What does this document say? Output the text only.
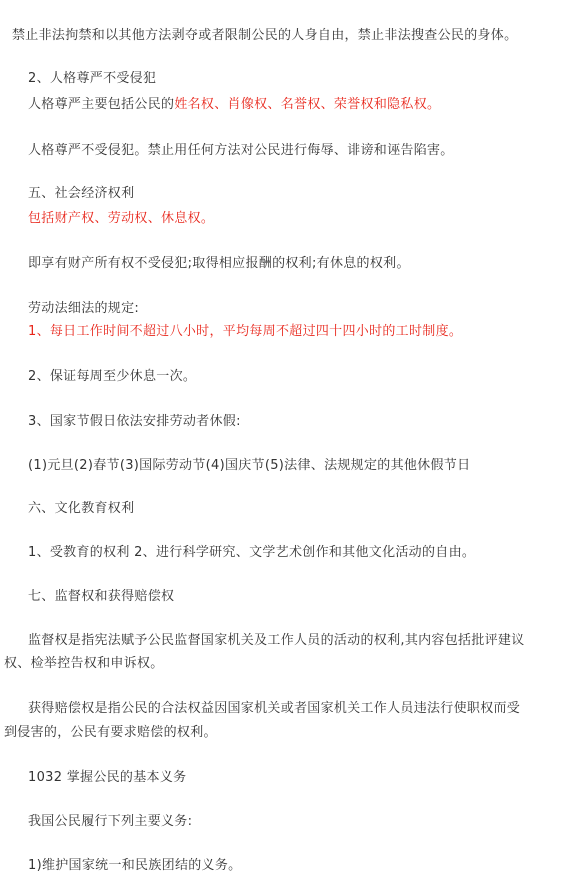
禁止非法拘禁和以其他方法剥夺或者限制公民的人身自由，禁止非法搜查公民的身体。
2、人格尊严不受侵犯
人格尊严主要包括公民的姓名权、肖像权、名誉权、荣誉权和隐私权。
人格尊严不受侵犯。禁止用任何方法对公民进行侮辱、诽谤和诬告陷害。
五、社会经济权利
包括财产权、劳动权、休息权。
即享有财产所有权不受侵犯;取得相应报酬的权利;有休息的权利。
劳动法细法的规定:
1、每日工作时间不超过八小时，平均每周不超过四十四小时的工时制度。
2、保证每周至少休息一次。
3、国家节假日依法安排劳动者休假:
(1)元旦(2)春节(3)国际劳动节(4)国庆节(5)法律、法规规定的其他休假节日
六、文化教育权利
1、受教育的权利 2、进行科学研究、文学艺术创作和其他文化活动的自由。
七、监督权和获得赔偿权
监督权是指宪法赋予公民监督国家机关及工作人员的活动的权利,其内容包括批评建议
权、检举控告权和申诉权。
获得赔偿权是指公民的合法权益因国家机关或者国家机关工作人员违法行使职权而受
到侵害的，公民有要求赔偿的权利。
1032 掌握公民的基本义务
我国公民履行下列主要义务:
1)维护国家统一和民族团结的义务。
